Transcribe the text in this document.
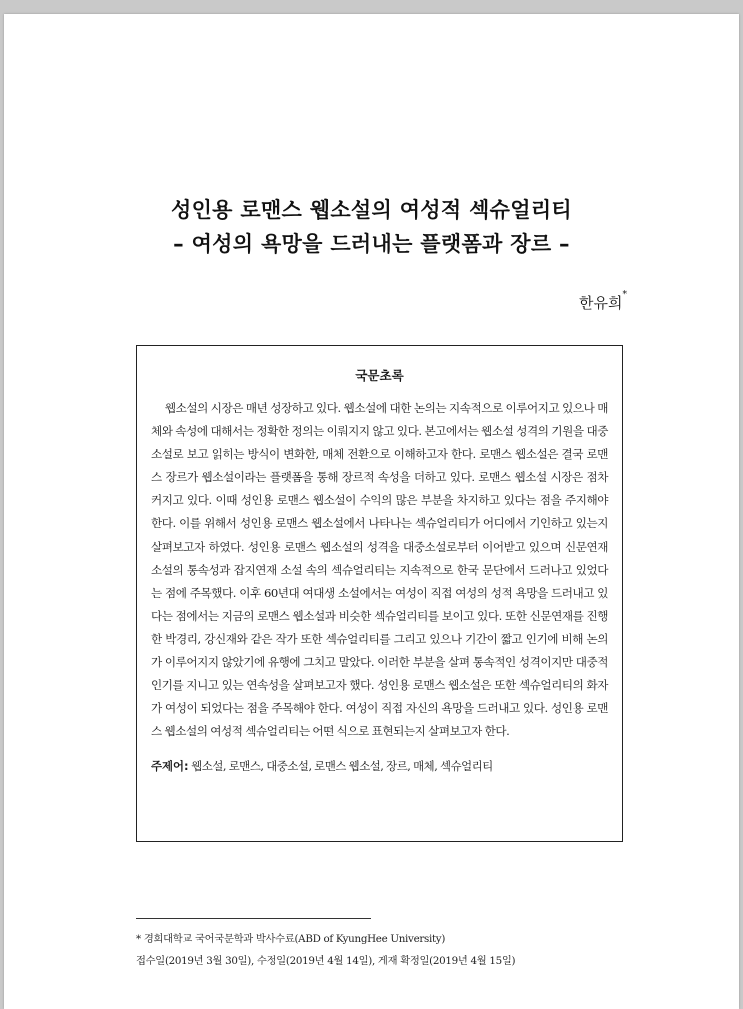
성인용 로맨스 웹소설의 여성적 섹슈얼리티
– 여성의 욕망을 드러내는 플랫폼과 장르 –
한유희*
국문초록
웹소설의 시장은 매년 성장하고 있다. 웹소설에 대한 논의는 지속적으로 이루어지고 있으나 매체와 속성에 대해서는 정확한 정의는 이뤄지지 않고 있다. 본고에서는 웹소설 성격의 기원을 대중소설로 보고 읽히는 방식이 변화한, 매체 전환으로 이해하고자 한다. 로맨스 웹소설은 결국 로맨스 장르가 웹소설이라는 플랫폼을 통해 장르적 속성을 더하고 있다. 로맨스 웹소설 시장은 점차 커지고 있다. 이때 성인용 로맨스 웹소설이 수익의 많은 부분을 차지하고 있다는 점을 주지해야 한다. 이를 위해서 성인용 로맨스 웹소설에서 나타나는 섹슈얼리티가 어디에서 기인하고 있는지 살펴보고자 하였다. 성인용 로맨스 웹소설의 성격을 대중소설로부터 이어받고 있으며 신문연재소설의 통속성과 잡지연재 소설 속의 섹슈얼리티는 지속적으로 한국 문단에서 드러나고 있었다는 점에 주목했다. 이후 60년대 여대생 소설에서는 여성이 직접 여성의 성적 욕망을 드러내고 있다는 점에서는 지금의 로맨스 웹소설과 비슷한 섹슈얼리티를 보이고 있다. 또한 신문연재를 진행한 박경리, 강신재와 같은 작가 또한 섹슈얼리티를 그리고 있으나 기간이 짧고 인기에 비해 논의가 이루어지지 않았기에 유행에 그치고 말았다. 이러한 부분을 살펴 통속적인 성격이지만 대중적 인기를 지니고 있는 연속성을 살펴보고자 했다. 성인용 로맨스 웹소설은 또한 섹슈얼리티의 화자가 여성이 되었다는 점을 주목해야 한다. 여성이 직접 자신의 욕망을 드러내고 있다. 성인용 로맨스 웹소설의 여성적 섹슈얼리티는 어떤 식으로 표현되는지 살펴보고자 한다.
주제어: 웹소설, 로맨스, 대중소설, 로맨스 웹소설, 장르, 매체, 섹슈얼리티
* 경희대학교 국어국문학과 박사수료(ABD of KyungHee University)
접수일(2019년 3월 30일), 수정일(2019년 4월 14일), 게재 확정일(2019년 4월 15일)
